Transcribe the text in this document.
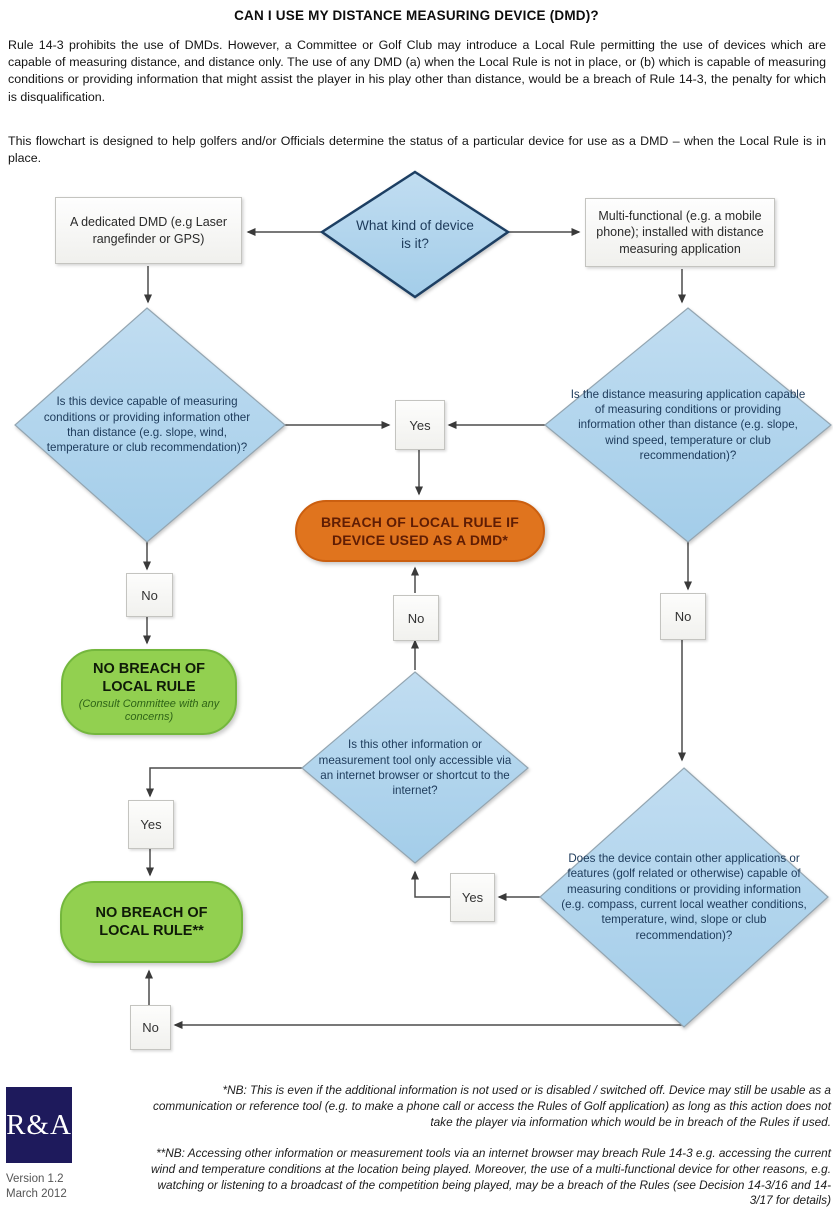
CAN I USE MY DISTANCE MEASURING DEVICE (DMD)?
Rule 14-3 prohibits the use of DMDs. However, a Committee or Golf Club may introduce a Local Rule permitting the use of devices which are capable of measuring distance, and distance only. The use of any DMD (a) when the Local Rule is not in place, or (b) which is capable of measuring conditions or providing information that might assist the player in his play other than distance, would be a breach of Rule 14-3, the penalty for which is disqualification.
This flowchart is designed to help golfers and/or Officials determine the status of a particular device for use as a DMD – when the Local Rule is in place.
What kind of device is it?
Is this device capable of measuring conditions or providing information other than distance (e.g. slope, wind, temperature or club recommendation)?
Is the distance measuring application capable of measuring conditions or providing information other than distance (e.g. slope, wind speed, temperature or club recommendation)?
Is this other information or measurement tool only accessible via an internet browser or shortcut to the internet?
Does the device contain other applications or features (golf related or otherwise) capable of measuring conditions or providing information (e.g. compass, current local weather conditions, temperature, wind, slope or club recommendation)?
A dedicated DMD (e.g Laser rangefinder or GPS)
Multi-functional (e.g. a mobile phone); installed with distance measuring application
Yes
No
No
No
Yes
Yes
No
BREACH OF LOCAL RULE IF DEVICE USED AS A DMD*
NO BREACH OF LOCAL RULE
(Consult Committee with any concerns)
NO BREACH OF LOCAL RULE**
*NB: This is even if the additional information is not used or is disabled / switched off. Device may still be usable as a communication or reference tool (e.g. to make a phone call or access the Rules of Golf application) as long as this action does not take the player via information which would be in breach of the Rules if used.
**NB: Accessing other information or measurement tools via an internet browser may breach Rule 14-3 e.g. accessing the current wind and temperature conditions at the location being played. Moreover, the use of a multi-functional device for other reasons, e.g. watching or listening to a broadcast of the competition being played, may be a breach of the Rules (see Decision 14-3/16 and 14-3/17 for details)
R&A
Version 1.2
March 2012
